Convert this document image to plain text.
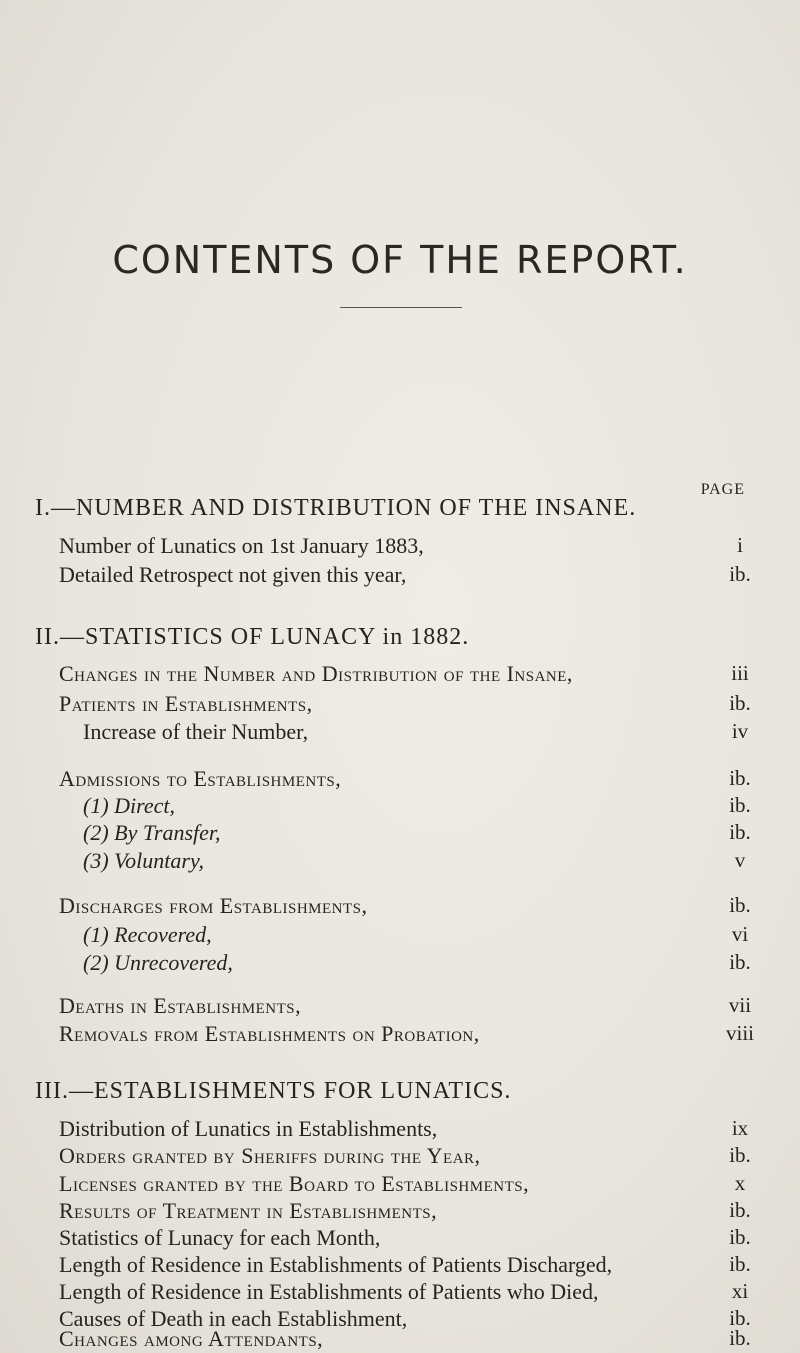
CONTENTS OF THE REPORT.
PAGE
I.—NUMBER AND DISTRIBUTION OF THE INSANE.
Number of Lunatics on 1st January 1883,	i
Detailed Retrospect not given this year,	ib.
II.—STATISTICS OF LUNACY in 1882.
Changes in the Number and Distribution of the Insane,	iii
Patients in Establishments,	ib.
Increase of their Number,	iv
Admissions to Establishments,	ib.
(1) Direct,	ib.
(2) By Transfer,	ib.
(3) Voluntary,	v
Discharges from Establishments,	ib.
(1) Recovered,	vi
(2) Unrecovered,	ib.
Deaths in Establishments,	vii
Removals from Establishments on Probation,	viii
III.—ESTABLISHMENTS FOR LUNATICS.
Distribution of Lunatics in Establishments,	ix
Orders granted by Sheriffs during the Year,	ib.
Licenses granted by the Board to Establishments,	x
Results of Treatment in Establishments,	ib.
Statistics of Lunacy for each Month,	ib.
Length of Residence in Establishments of Patients Discharged,	ib.
Length of Residence in Establishments of Patients who Died,	xi
Causes of Death in each Establishment,	ib.
Changes among Attendants,	ib.
